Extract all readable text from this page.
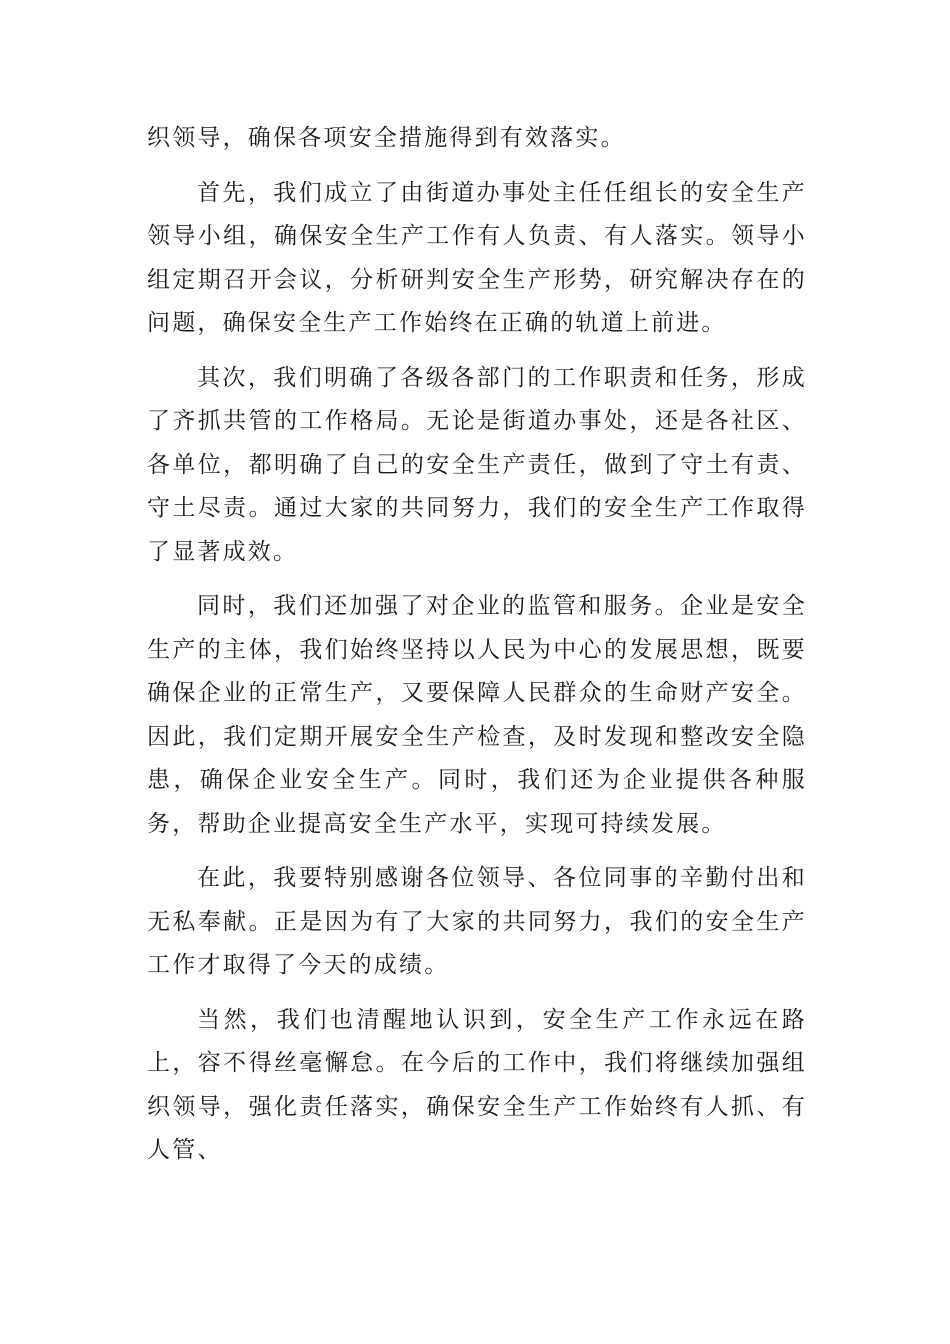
织领导，确保各项安全措施得到有效落实。

首先，我们成立了由街道办事处主任任组长的安全生产领导小组，确保安全生产工作有人负责、有人落实。领导小组定期召开会议，分析研判安全生产形势，研究解决存在的问题，确保安全生产工作始终在正确的轨道上前进。

其次，我们明确了各级各部门的工作职责和任务，形成了齐抓共管的工作格局。无论是街道办事处，还是各社区、各单位，都明确了自己的安全生产责任，做到了守土有责、守土尽责。通过大家的共同努力，我们的安全生产工作取得了显著成效。

同时，我们还加强了对企业的监管和服务。企业是安全生产的主体，我们始终坚持以人民为中心的发展思想，既要确保企业的正常生产，又要保障人民群众的生命财产安全。因此，我们定期开展安全生产检查，及时发现和整改安全隐患，确保企业安全生产。同时，我们还为企业提供各种服务，帮助企业提高安全生产水平，实现可持续发展。

在此，我要特别感谢各位领导、各位同事的辛勤付出和无私奉献。正是因为有了大家的共同努力，我们的安全生产工作才取得了今天的成绩。

当然，我们也清醒地认识到，安全生产工作永远在路上，容不得丝毫懈怠。在今后的工作中，我们将继续加强组织领导，强化责任落实，确保安全生产工作始终有人抓、有人管、
